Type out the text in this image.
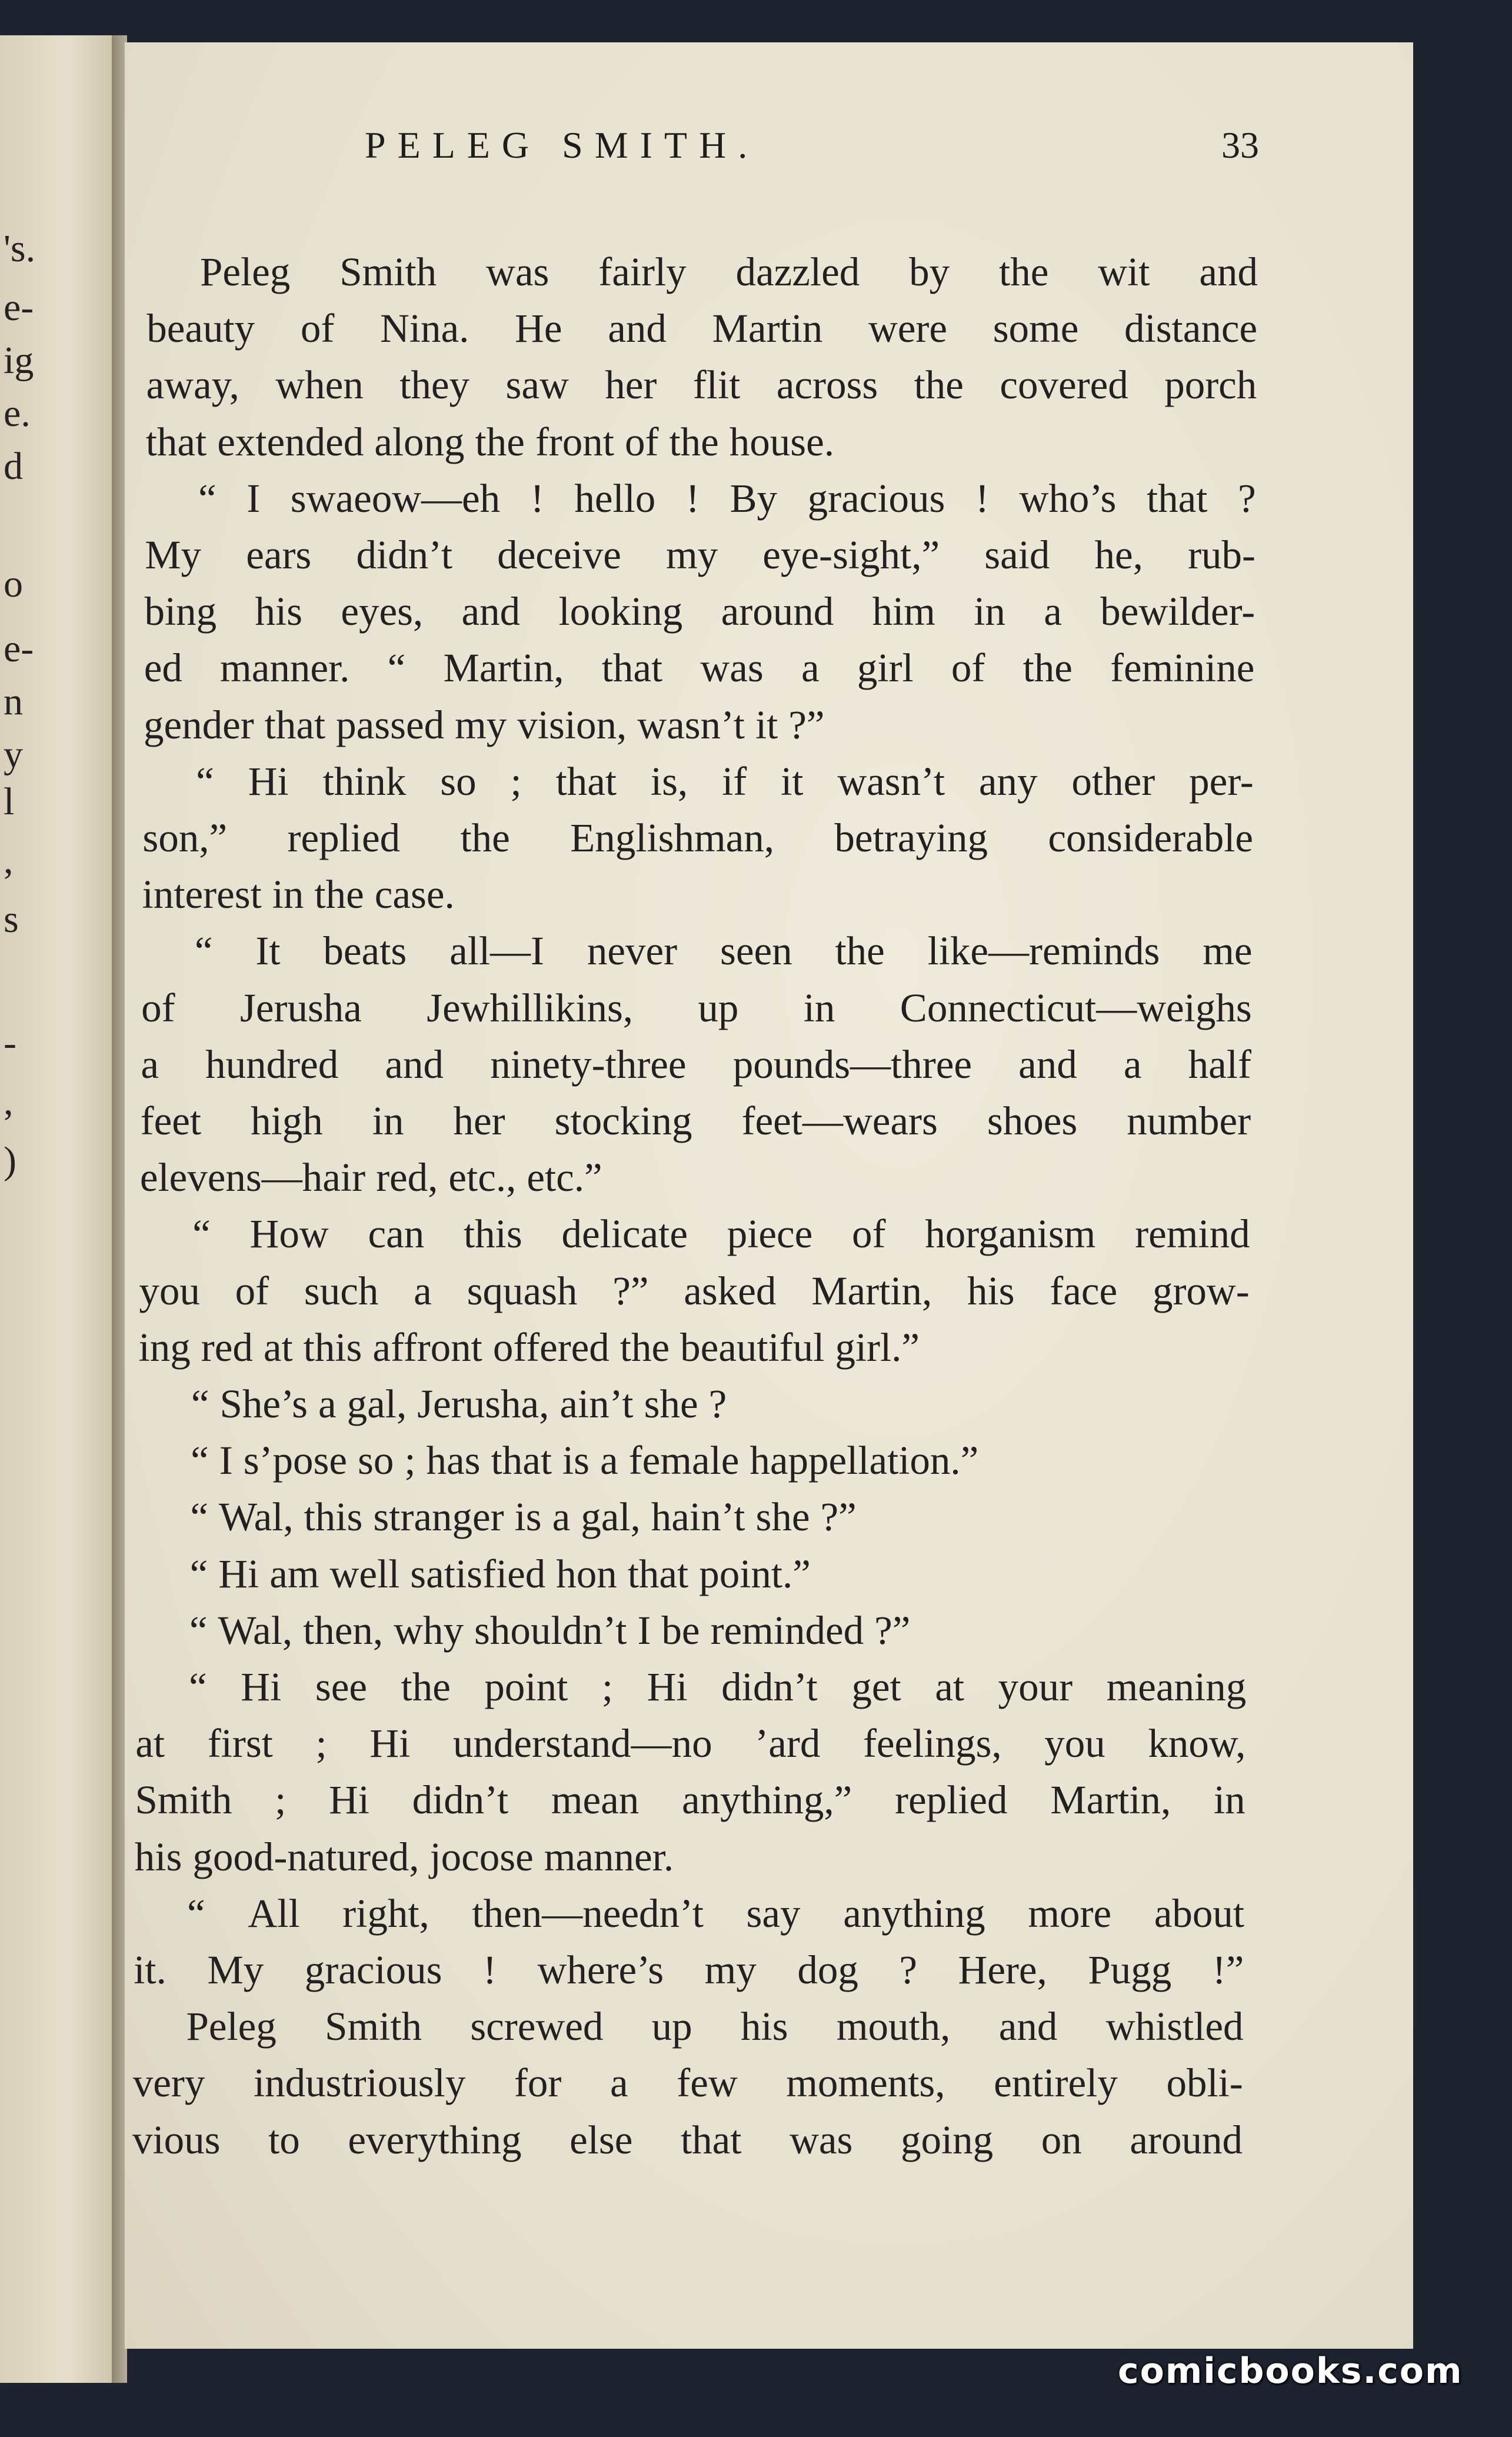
's.
e-
ig
e.
d
o
e-
n
y
l
,
s
-
,
)
PELEG SMITH.	33
Peleg Smith was fairly dazzled by the wit and
beauty of Nina. He and Martin were some distance
away, when they saw her flit across the covered porch
that extended along the front of the house.
“ I swaeow—eh ! hello ! By gracious ! who’s that ?
My ears didn’t deceive my eye-sight,” said he, rub-
bing his eyes, and looking around him in a bewilder-
ed manner. “ Martin, that was a girl of the feminine
gender that passed my vision, wasn’t it ?”
“ Hi think so ; that is, if it wasn’t any other per-
son,” replied the Englishman, betraying considerable
interest in the case.
“ It beats all—I never seen the like—reminds me
of Jerusha Jewhillikins, up in Connecticut—weighs
a hundred and ninety-three pounds—three and a half
feet high in her stocking feet—wears shoes number
elevens—hair red, etc., etc.”
“ How can this delicate piece of horganism remind
you of such a squash ?” asked Martin, his face grow-
ing red at this affront offered the beautiful girl.”
“ She’s a gal, Jerusha, ain’t she ?
“ I s’pose so ; has that is a female happellation.”
“ Wal, this stranger is a gal, hain’t she ?”
“ Hi am well satisfied hon that point.”
“ Wal, then, why shouldn’t I be reminded ?”
“ Hi see the point ; Hi didn’t get at your meaning
at first ; Hi understand—no ’ard feelings, you know,
Smith ; Hi didn’t mean anything,” replied Martin, in
his good-natured, jocose manner.
“ All right, then—needn’t say anything more about
it. My gracious ! where’s my dog ? Here, Pugg !”
Peleg Smith screwed up his mouth, and whistled
very industriously for a few moments, entirely obli-
vious to everything else that was going on around
comicbooks.com
